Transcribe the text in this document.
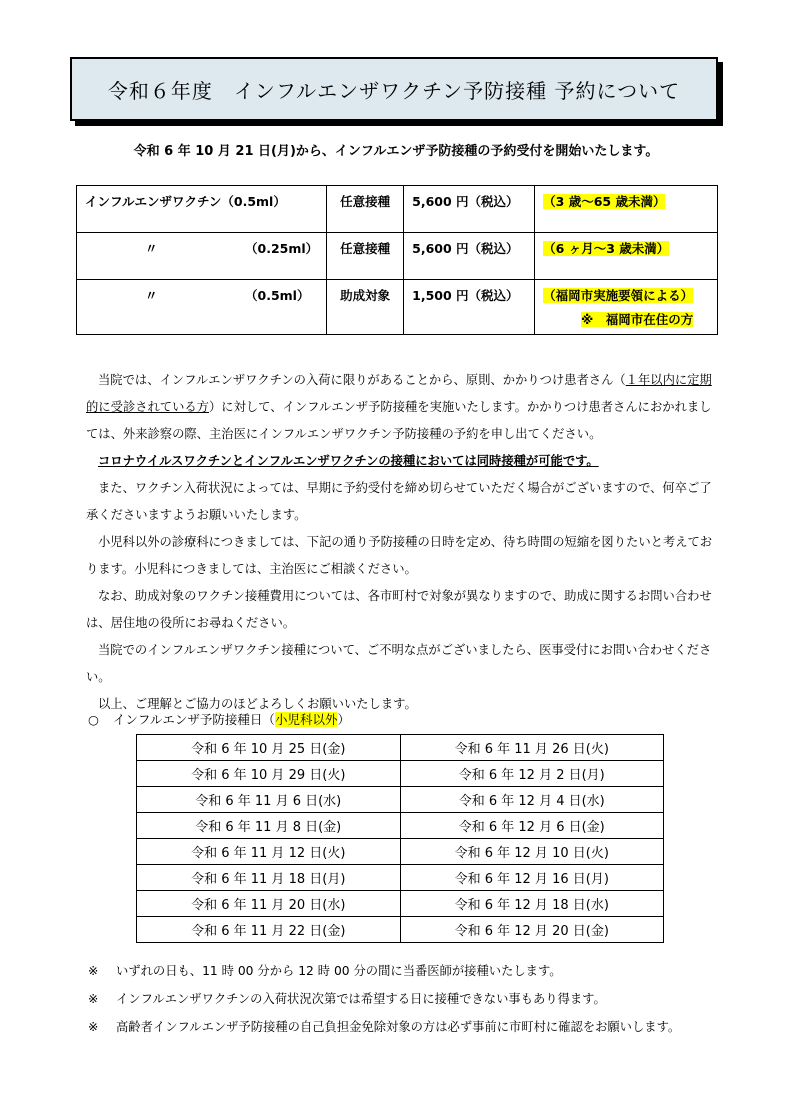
令和６年度　インフルエンザワクチン予防接種 予約について
令和 6 年 10 月 21 日(月)から、インフルエンザ予防接種の予約受付を開始いたします。
インフルエンザワクチン（0.5ml）	任意接種	5,600 円（税込）	（3 歳～65 歳未満）

〃 （0.25ml）	任意接種	5,600 円（税込）	（6 ヶ月～3 歳未満）

〃 （0.5ml）	助成対象	1,500 円（税込）	（福岡市実施要領による）
※　福岡市在住の方

当院では、インフルエンザワクチンの入荷に限りがあることから、原則、かかりつけ患者さん（１年以内に定期的に受診されている方）に対して、インフルエンザ予防接種を実施いたします。かかりつけ患者さんにおかれましては、外来診察の際、主治医にインフルエンザワクチン予防接種の予約を申し出てください。

コロナウイルスワクチンとインフルエンザワクチンの接種においては同時接種が可能です。

また、ワクチン入荷状況によっては、早期に予約受付を締め切らせていただく場合がございますので、何卒ご了承くださいますようお願いいたします。

小児科以外の診療科につきましては、下記の通り予防接種の日時を定め、待ち時間の短縮を図りたいと考えております。小児科につきましては、主治医にご相談ください。

なお、助成対象のワクチン接種費用については、各市町村で対象が異なりますので、助成に関するお問い合わせは、居住地の役所にお尋ねください。

当院でのインフルエンザワクチン接種について、ご不明な点がございましたら、医事受付にお問い合わせください。

以上、ご理解とご協力のほどよろしくお願いいたします。

○ インフルエンザ予防接種日（小児科以外）
令和 6 年 10 月 25 日(金)	令和 6 年 11 月 26 日(火)
令和 6 年 10 月 29 日(火)	令和 6 年 12 月 2 日(月)
令和 6 年 11 月 6 日(水)	令和 6 年 12 月 4 日(水)
令和 6 年 11 月 8 日(金)	令和 6 年 12 月 6 日(金)
令和 6 年 11 月 12 日(火)	令和 6 年 12 月 10 日(火)
令和 6 年 11 月 18 日(月)	令和 6 年 12 月 16 日(月)
令和 6 年 11 月 20 日(水)	令和 6 年 12 月 18 日(水)
令和 6 年 11 月 22 日(金)	令和 6 年 12 月 20 日(金)
※ いずれの日も、11 時 00 分から 12 時 00 分の間に当番医師が接種いたします。
※ インフルエンザワクチンの入荷状況次第では希望する日に接種できない事もあり得ます。
※ 高齢者インフルエンザ予防接種の自己負担金免除対象の方は必ず事前に市町村に確認をお願いします。
